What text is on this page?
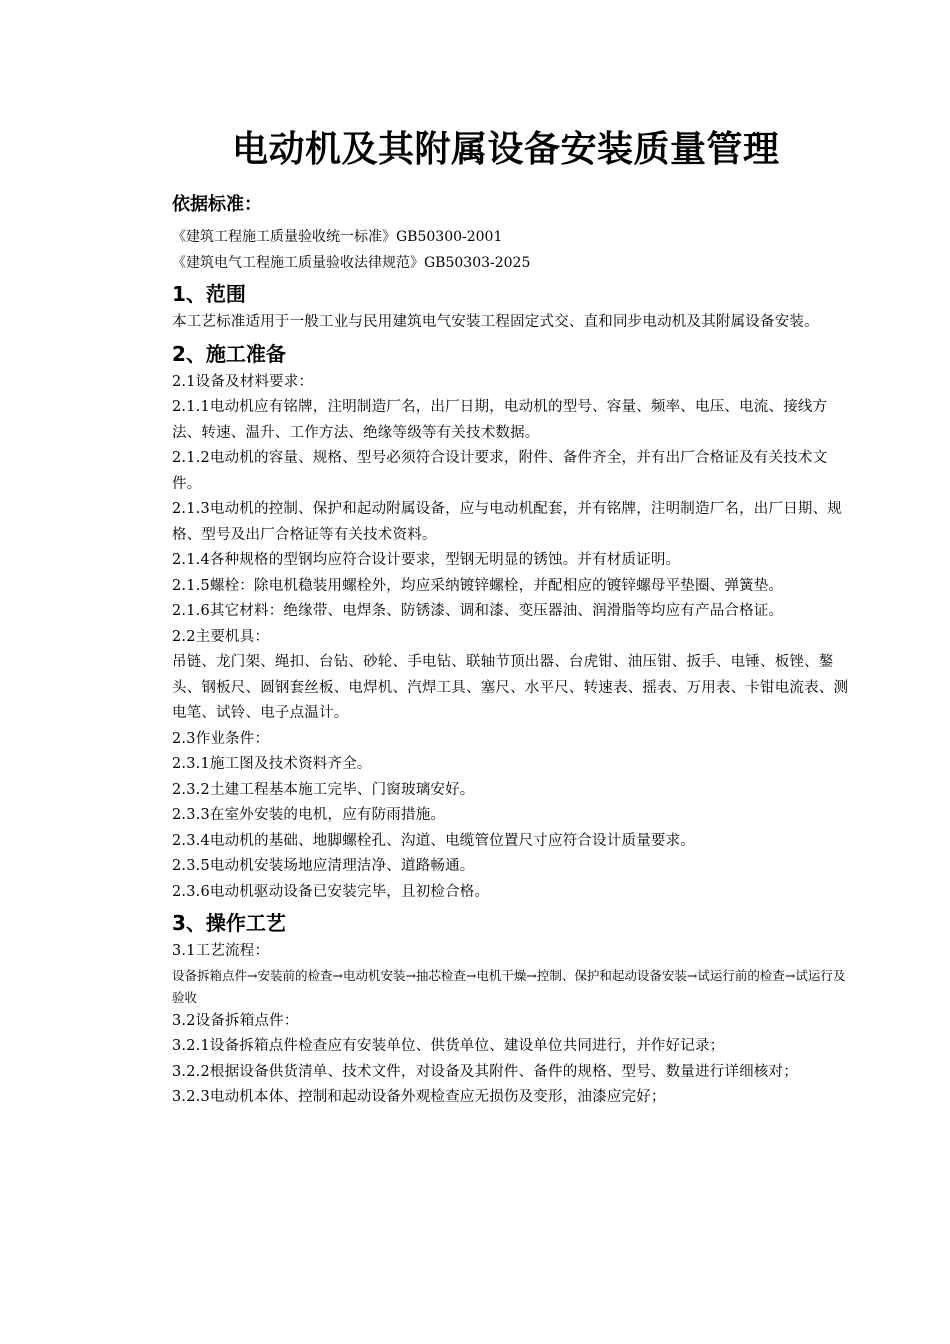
电动机及其附属设备安装质量管理
依据标准：

《建筑工程施工质量验收统一标准》GB50300-2001

《建筑电气工程施工质量验收法律规范》GB50303-2025

1、范围

本工艺标准适用于一般工业与民用建筑电气安装工程固定式交、直和同步电动机及其附属设备安装。

2、施工准备

2.1设备及材料要求：

2.1.1电动机应有铭牌，注明制造厂名，出厂日期，电动机的型号、容量、频率、电压、电流、接线方法、转速、温升、工作方法、绝缘等级等有关技术数据。

2.1.2电动机的容量、规格、型号必须符合设计要求，附件、备件齐全，并有出厂合格证及有关技术文件。

2.1.3电动机的控制、保护和起动附属设备，应与电动机配套，并有铭牌，注明制造厂名，出厂日期、规格、型号及出厂合格证等有关技术资料。

2.1.4各种规格的型钢均应符合设计要求，型钢无明显的锈蚀。并有材质证明。

2.1.5螺栓：除电机稳装用螺栓外，均应采纳镀锌螺栓，并配相应的镀锌螺母平垫圈、弹簧垫。

2.1.6其它材料：绝缘带、电焊条、防锈漆、调和漆、变压器油、润滑脂等均应有产品合格证。

2.2主要机具：

吊链、龙门架、绳扣、台钻、砂轮、手电钻、联轴节顶出器、台虎钳、油压钳、扳手、电锤、板锉、鏊头、钢板尺、圆钢套丝板、电焊机、汽焊工具、塞尺、水平尺、转速表、摇表、万用表、卡钳电流表、测电笔、试铃、电子点温计。

2.3作业条件：

2.3.1施工图及技术资料齐全。

2.3.2土建工程基本施工完毕、门窗玻璃安好。

2.3.3在室外安装的电机，应有防雨措施。

2.3.4电动机的基础、地脚螺栓孔、沟道、电缆管位置尺寸应符合设计质量要求。

2.3.5电动机安装场地应清理洁净、道路畅通。

2.3.6电动机驱动设备已安装完毕，且初检合格。

3、操作工艺

3.1工艺流程：

设备拆箱点件→安装前的检查→电动机安装→抽芯检查→电机干燥→控制、保护和起动设备安装→试运行前的检查→试运行及验收

3.2设备拆箱点件：

3.2.1设备拆箱点件检查应有安装单位、供货单位、建设单位共同进行，并作好记录；

3.2.2根据设备供货清单、技术文件，对设备及其附件、备件的规格、型号、数量进行详细核对；

3.2.3电动机本体、控制和起动设备外观检查应无损伤及变形，油漆应完好；
